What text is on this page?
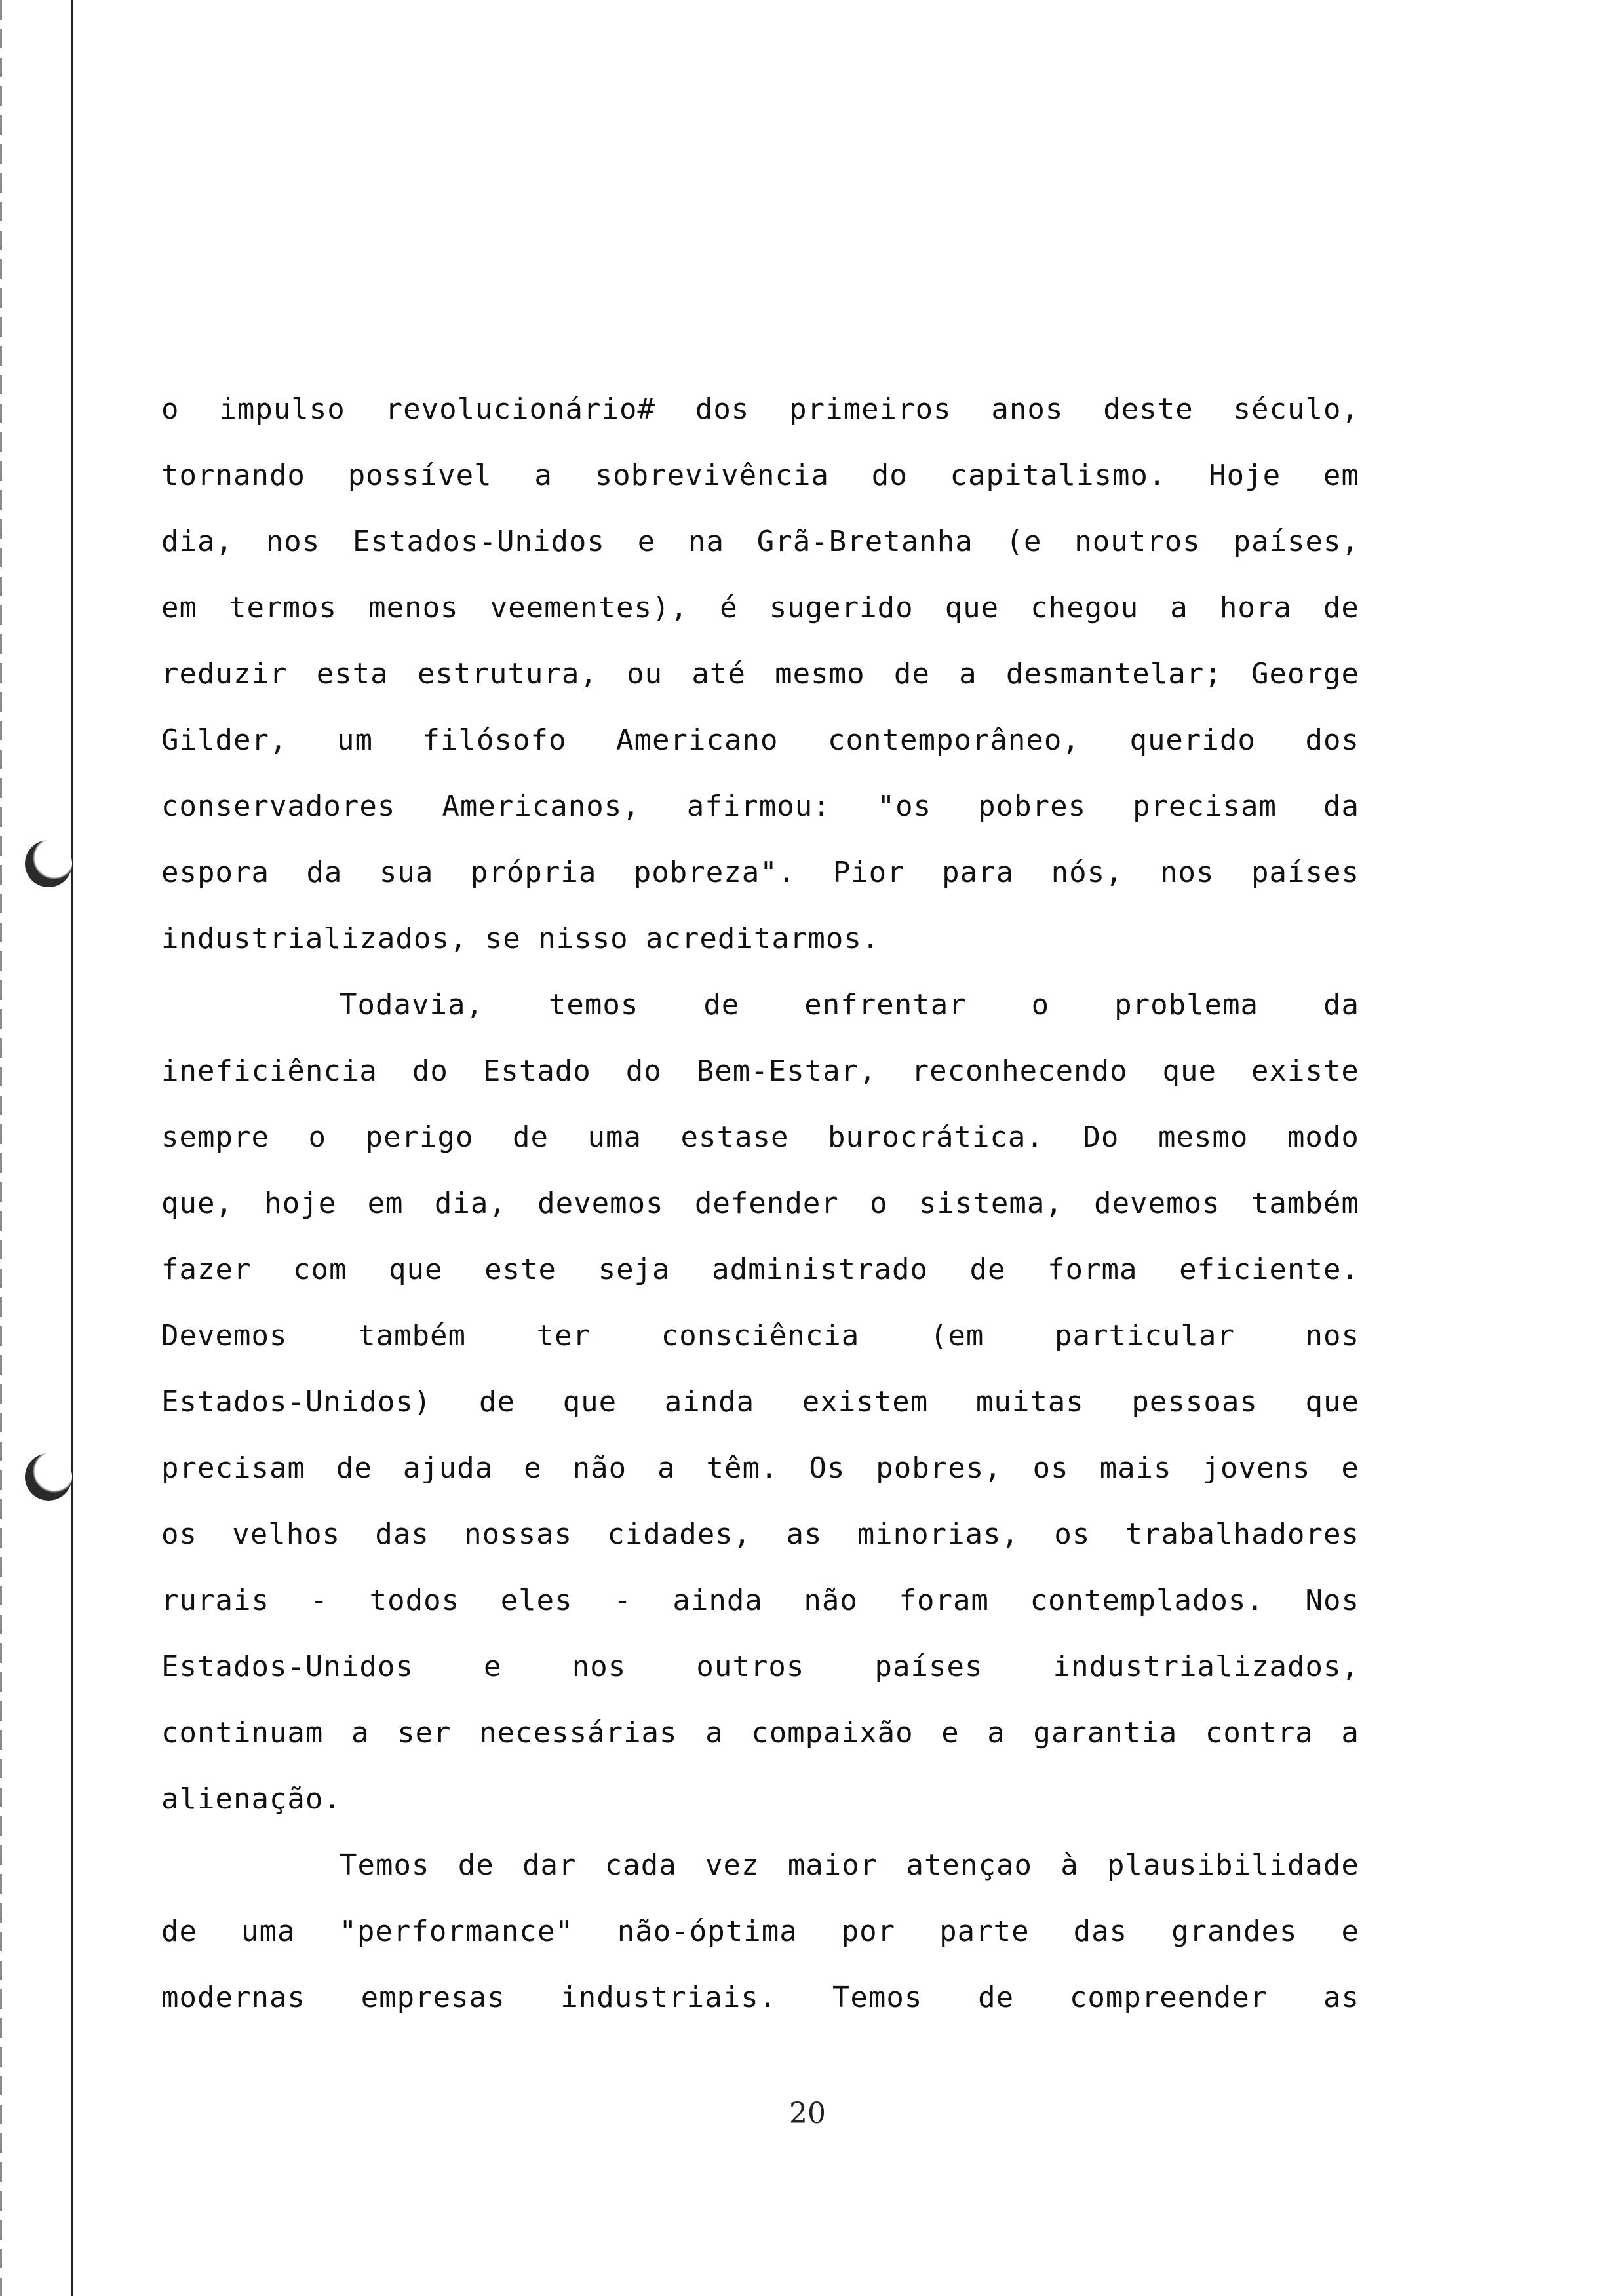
o impulso revolucionário# dos primeiros anos deste século,
tornando possível a sobrevivência do capitalismo. Hoje em
dia, nos Estados-Unidos e na Grã-Bretanha (e noutros países,
em termos menos veementes), é sugerido que chegou a hora de
reduzir esta estrutura, ou até mesmo de a desmantelar; George
Gilder, um filósofo Americano contemporâneo, querido dos
conservadores Americanos, afirmou: "os pobres precisam da
espora da sua própria pobreza". Pior para nós, nos países
industrializados, se nisso acreditarmos.
Todavia, temos de enfrentar o problema da
ineficiência do Estado do Bem-Estar, reconhecendo que existe
sempre o perigo de uma estase burocrática. Do mesmo modo
que, hoje em dia, devemos defender o sistema, devemos também
fazer com que este seja administrado de forma eficiente.
Devemos também ter consciência (em particular nos
Estados-Unidos) de que ainda existem muitas pessoas que
precisam de ajuda e não a têm. Os pobres, os mais jovens e
os velhos das nossas cidades, as minorias, os trabalhadores
rurais - todos eles - ainda não foram contemplados. Nos
Estados-Unidos e nos outros países industrializados,
continuam a ser necessárias a compaixão e a garantia contra a
alienação.
Temos de dar cada vez maior atençao à plausibilidade
de uma "performance" não-óptima por parte das grandes e
modernas empresas industriais. Temos de compreender as
20
